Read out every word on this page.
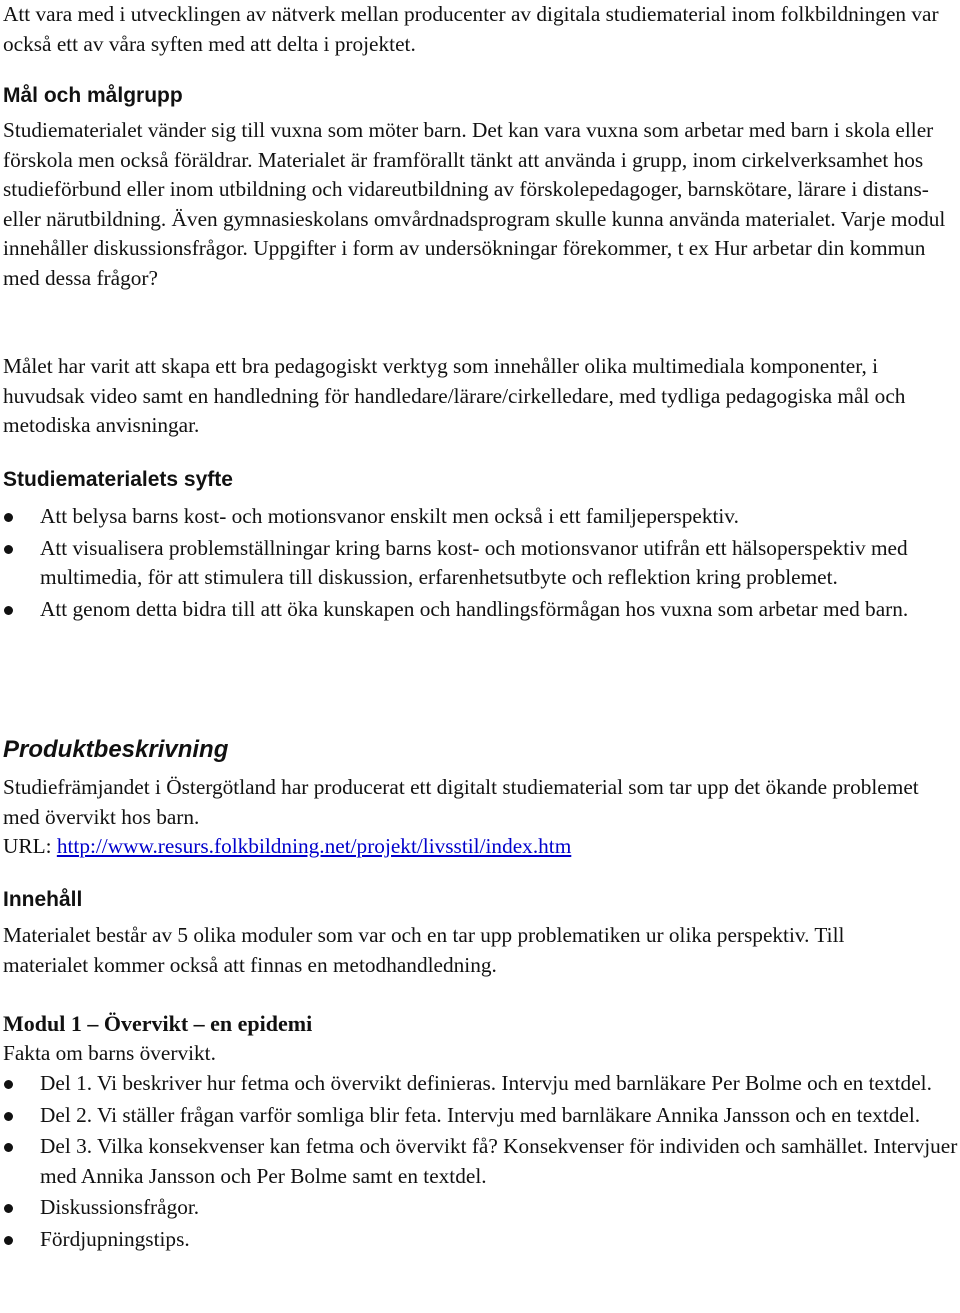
Att vara med i utvecklingen av nätverk mellan producenter av digitala studiematerial inom folkbildningen var också ett av våra syften med att delta i projektet.

Mål och målgrupp

Studiematerialet vänder sig till vuxna som möter barn. Det kan vara vuxna som arbetar med barn i skola eller förskola men också föräldrar. Materialet är framförallt tänkt att använda i grupp, inom cirkelverksamhet hos studieförbund eller inom utbildning och vidareutbildning av förskolepedagoger, barnskötare, lärare i distans- eller närutbildning. Även gymnasieskolans omvårdnadsprogram skulle kunna använda materialet. Varje modul innehåller diskussionsfrågor. Uppgifter i form av undersökningar förekommer, t ex Hur arbetar din kommun med dessa frågor?

Målet har varit att skapa ett bra pedagogiskt verktyg som innehåller olika multimediala komponenter, i huvudsak video samt en handledning för handledare/lärare/cirkelledare, med tydliga pedagogiska mål och metodiska anvisningar.

Studiematerialets syfte
Att belysa barns kost- och motionsvanor enskilt men också i ett familjeperspektiv.
Att visualisera problemställningar kring barns kost- och motionsvanor utifrån ett hälsoperspektiv med multimedia, för att stimulera till diskussion, erfarenhetsutbyte och reflektion kring problemet.
Att genom detta bidra till att öka kunskapen och handlingsförmågan hos vuxna som arbetar med barn.
Produktbeskrivning

Studiefrämjandet i Östergötland har producerat ett digitalt studiematerial som tar upp det ökande problemet med övervikt hos barn.

URL: http://www.resurs.folkbildning.net/projekt/livsstil/index.htm

Innehåll

Materialet består av 5 olika moduler som var och en tar upp problematiken ur olika perspektiv. Till materialet kommer också att finnas en metodhandledning.

Modul 1 – Övervikt – en epidemi

Fakta om barns övervikt.

Del 1. Vi beskriver hur fetma och övervikt definieras. Intervju med barnläkare Per Bolme och en textdel.
Del 2. Vi ställer frågan varför somliga blir feta. Intervju med barnläkare Annika Jansson och en textdel.
Del 3. Vilka konsekvenser kan fetma och övervikt få? Konsekvenser för individen och samhället. Intervjuer med Annika Jansson och Per Bolme samt en textdel.
Diskussionsfrågor.
Fördjupningstips.
